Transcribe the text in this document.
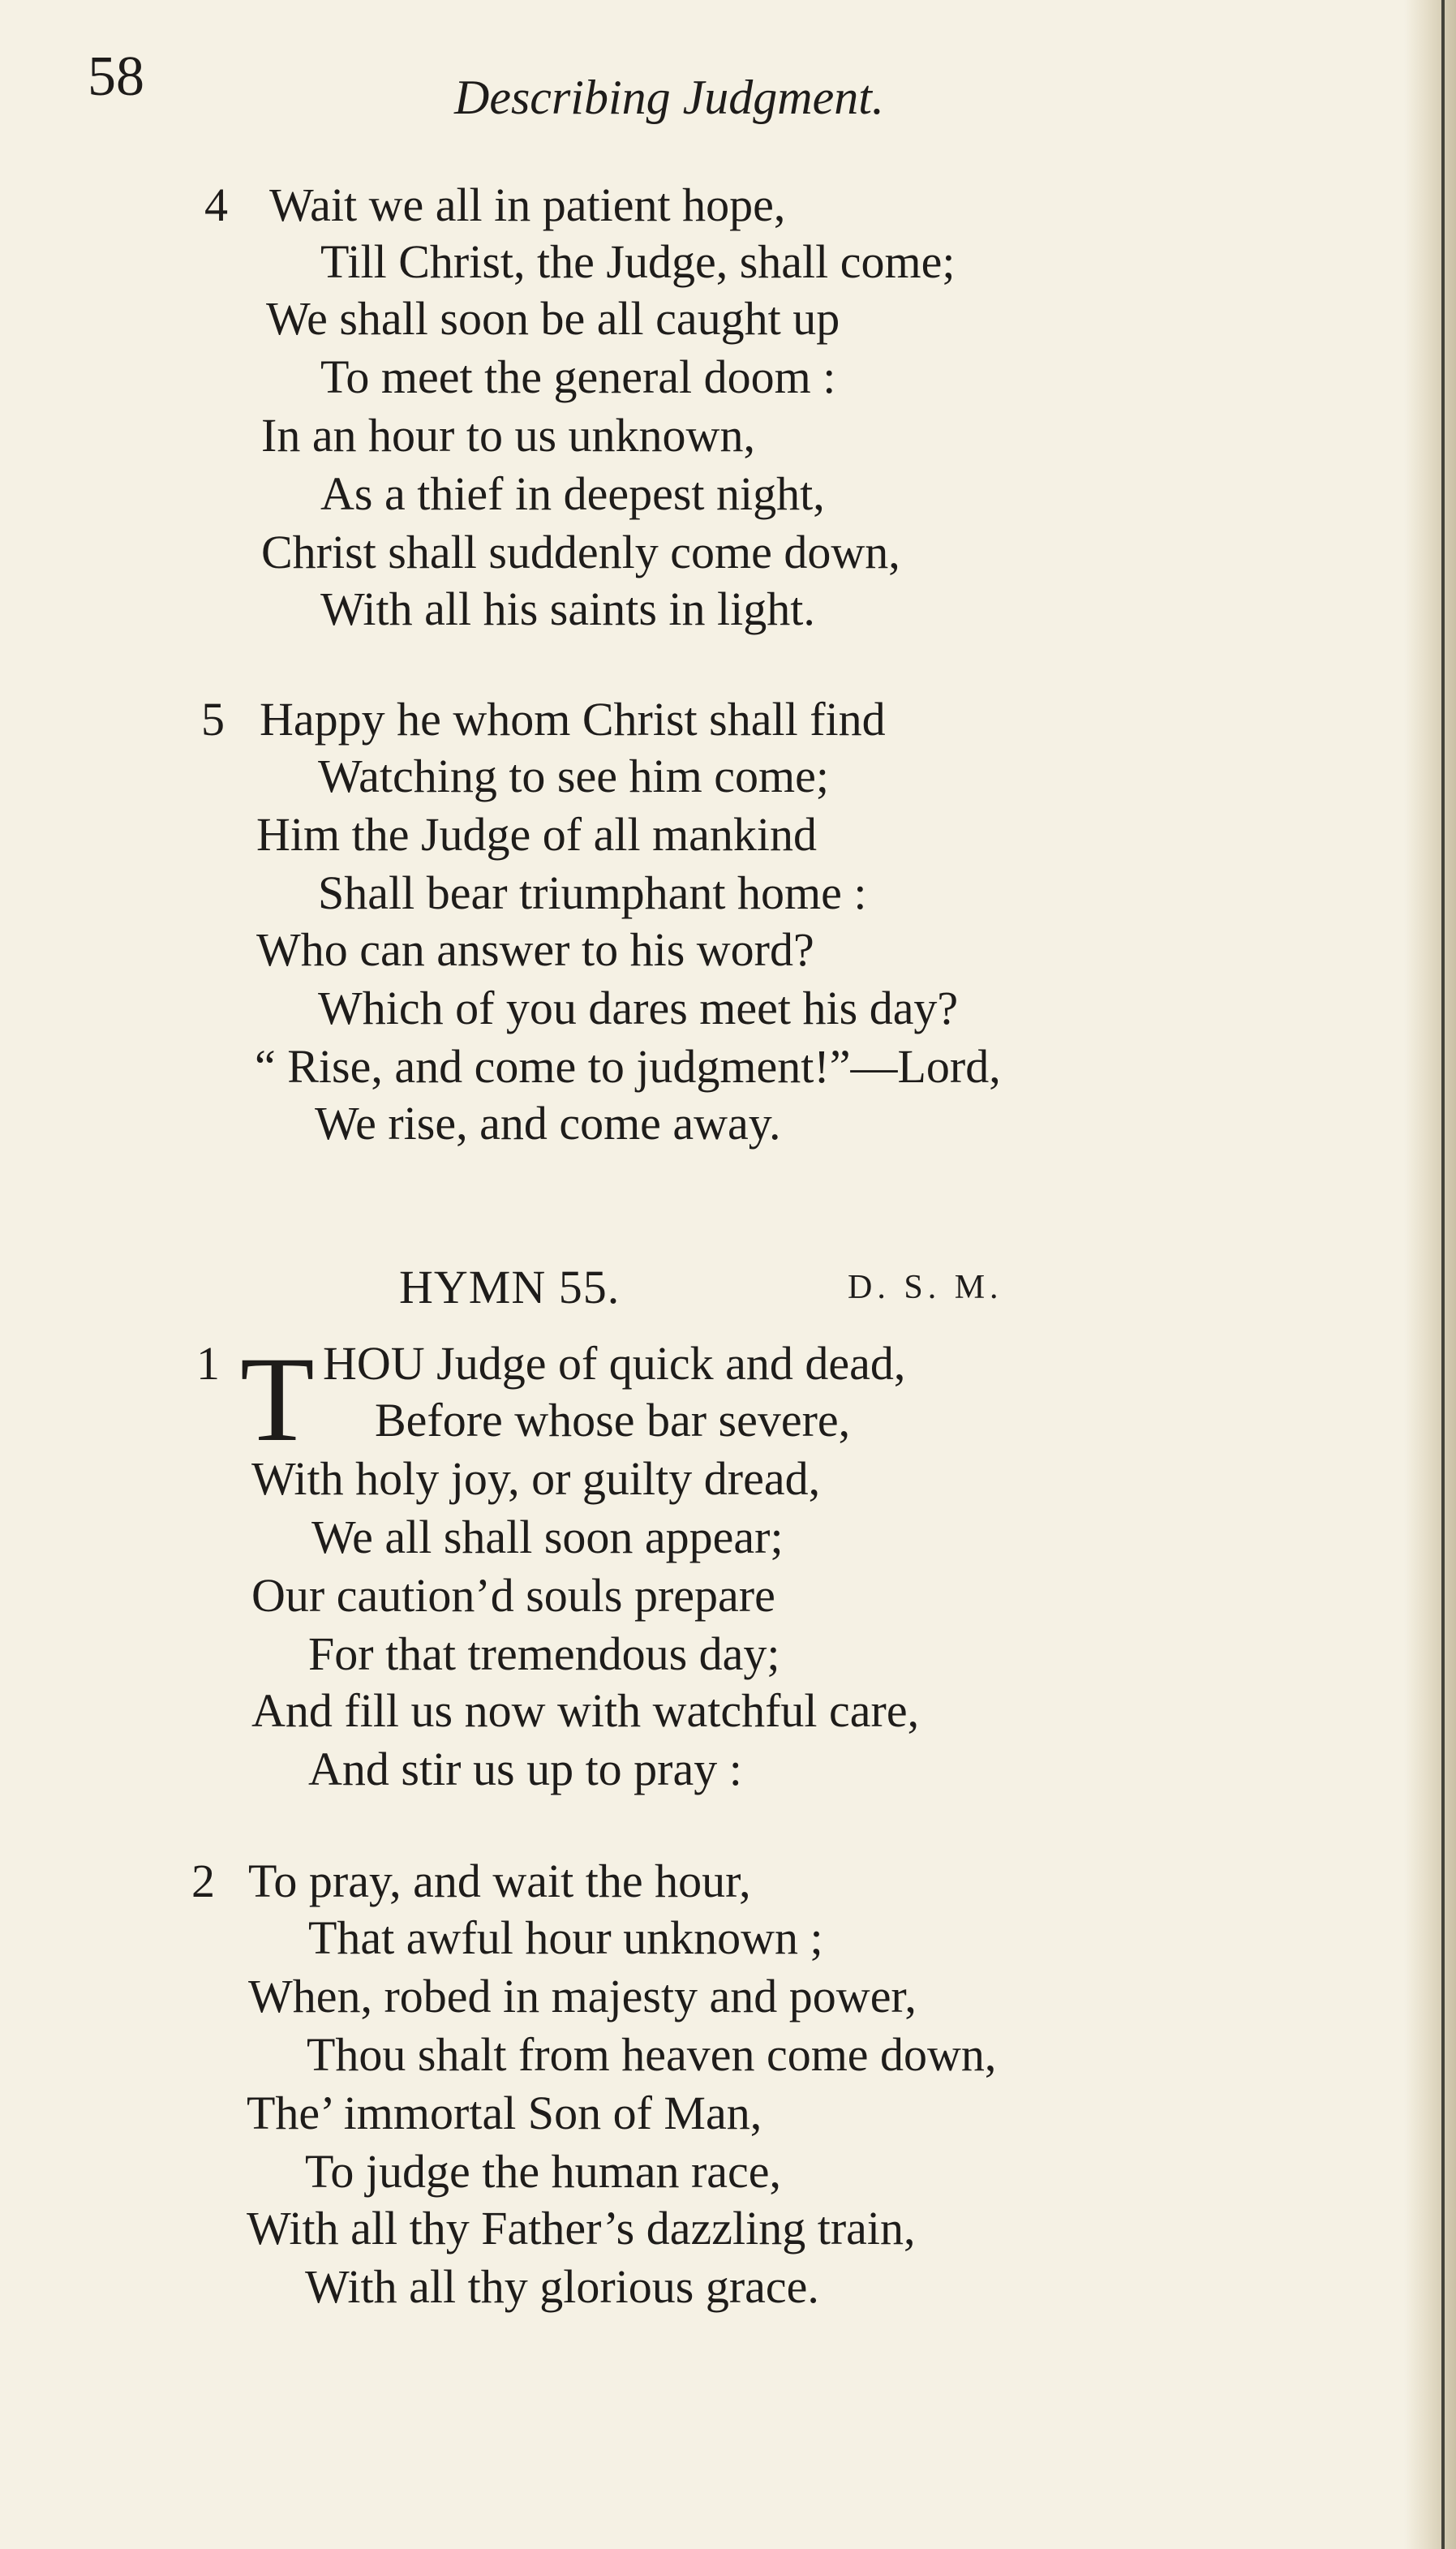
58	Describing Judgment.
4 Wait we all in patient hope,
Till Christ, the Judge, shall come;
We shall soon be all caught up
To meet the general doom :
In an hour to us unknown,
As a thief in deepest night,
Christ shall suddenly come down,
With all his saints in light.
5 Happy he whom Christ shall find
Watching to see him come;
Him the Judge of all mankind
Shall bear triumphant home :
Who can answer to his word?
Which of you dares meet his day?
“ Rise, and come to judgment!”—Lord,
We rise, and come away.
HYMN 55.	D. S. M.
1 T HOU Judge of quick and dead,
Before whose bar severe,
With holy joy, or guilty dread,
We all shall soon appear;
Our caution’d souls prepare
For that tremendous day;
And fill us now with watchful care,
And stir us up to pray :
2 To pray, and wait the hour,
That awful hour unknown ;
When, robed in majesty and power,
Thou shalt from heaven come down,
The’ immortal Son of Man,
To judge the human race,
With all thy Father’s dazzling train,
With all thy glorious grace.
